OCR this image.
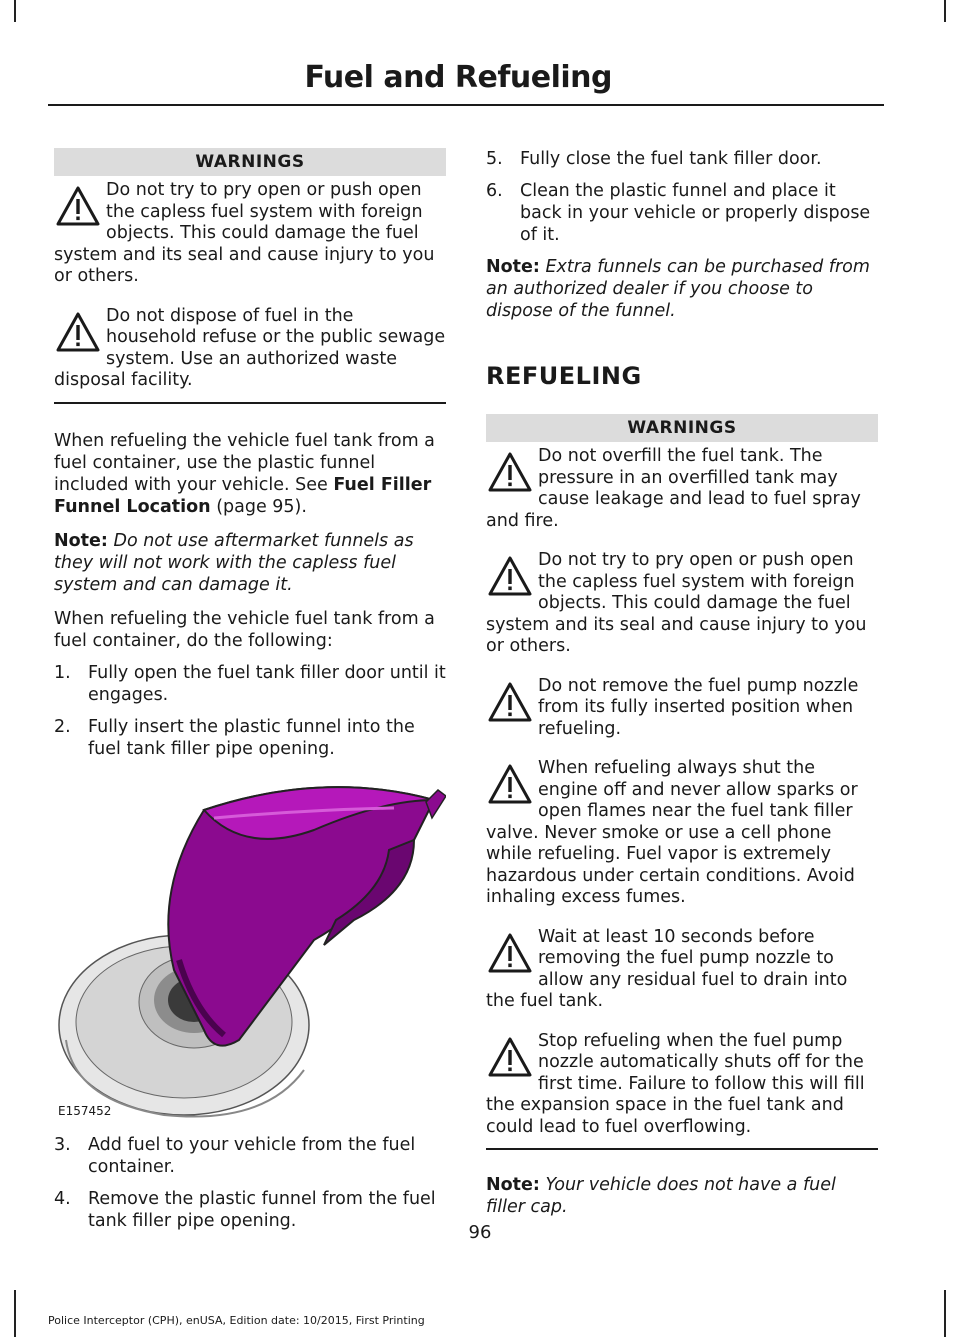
Fuel and Refueling
WARNINGS
Do not try to pry open or push open the capless fuel system with foreign objects. This could damage the fuel system and its seal and cause injury to you or others.
Do not dispose of fuel in the household refuse or the public sewage system. Use an authorized waste disposal facility.

When refueling the vehicle fuel tank from a fuel container, use the plastic funnel included with your vehicle. See Fuel Filler Funnel Location (page 95).

Note: Do not use aftermarket funnels as they will not work with the capless fuel system and can damage it.

When refueling the vehicle fuel tank from a fuel container, do the following:

1. Fully open the fuel tank filler door until it engages.
2. Fully insert the plastic funnel into the fuel tank filler pipe opening.
E157452
3. Add fuel to your vehicle from the fuel container.
4. Remove the plastic funnel from the fuel tank filler pipe opening.
5. Fully close the fuel tank filler door.
6. Clean the plastic funnel and place it back in your vehicle or properly dispose of it.

Note: Extra funnels can be purchased from an authorized dealer if you choose to dispose of the funnel.

REFUELING
WARNINGS
Do not overfill the fuel tank. The pressure in an overfilled tank may cause leakage and lead to fuel spray and fire.
Do not try to pry open or push open the capless fuel system with foreign objects. This could damage the fuel system and its seal and cause injury to you or others.
Do not remove the fuel pump nozzle from its fully inserted position when refueling.
When refueling always shut the engine off and never allow sparks or open flames near the fuel tank filler valve. Never smoke or use a cell phone while refueling. Fuel vapor is extremely hazardous under certain conditions. Avoid inhaling excess fumes.
Wait at least 10 seconds before removing the fuel pump nozzle to allow any residual fuel to drain into the fuel tank.
Stop refueling when the fuel pump nozzle automatically shuts off for the first time. Failure to follow this will fill the expansion space in the fuel tank and could lead to fuel overflowing.

Note: Your vehicle does not have a fuel filler cap.

96
Police Interceptor (CPH), enUSA, Edition date: 10/2015, First Printing
